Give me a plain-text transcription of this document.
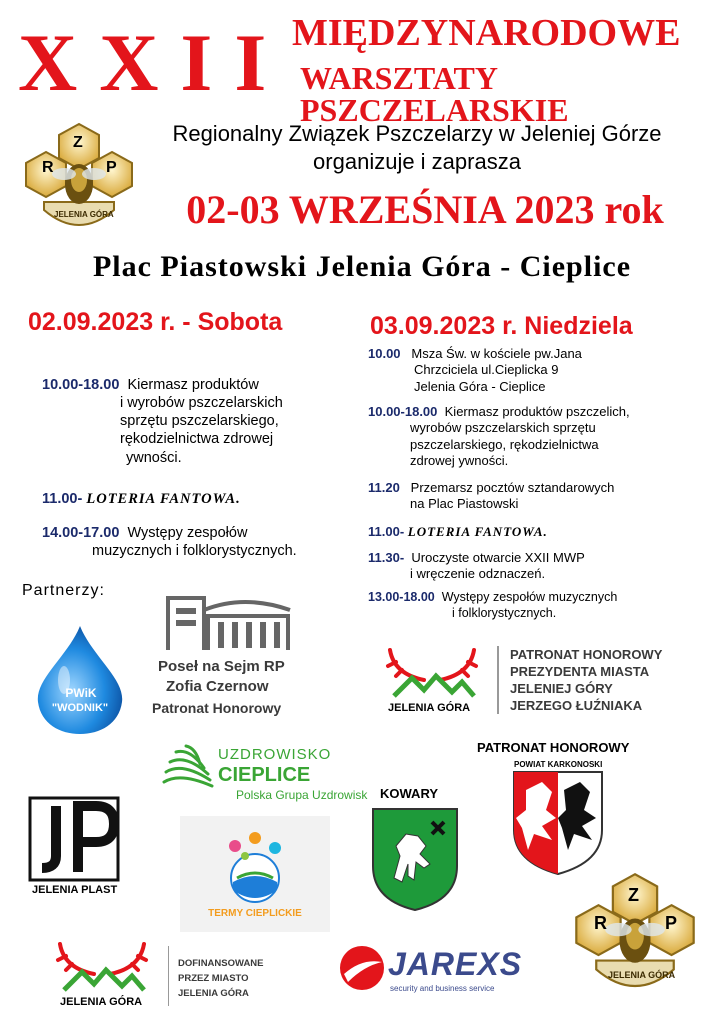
XXII MIĘDZYNARODOWE
WARSZTATY PSZCZELARSKIE
R
Z
P
JELENIA GÓRA
Regionalny Związek Pszczelarzy w Jeleniej Górze
organizuje i zaprasza
02-03 WRZEŚNIA 2023 rok
Plac Piastowski Jelenia Góra - Cieplice
02.09.2023 r. - Sobota
10.00-18.00 Kiermasz produktów
i wyrobów pszczelarskich
sprzętu pszczelarskiego,
rękodzielnictwa zdrowej
ywności.
11.00- LOTERIA FANTOWA.
14.00-17.00 Występy zespołów
muzycznych i folklorystycznych.
03.09.2023 r. Niedziela
10.00 Msza Św. w kościele pw.Jana
Chrzciciela ul.Cieplicka 9
Jelenia Góra - Cieplice
10.00-18.00 Kiermasz produktów pszczelich,
wyrobów pszczelarskich sprzętu
pszczelarskiego, rękodzielnictwa
zdrowej ywności.
11.20 Przemarsz pocztów sztandarowych
na Plac Piastowski
11.00- LOTERIA FANTOWA.
11.30- Uroczyste otwarcie XXII MWP
i wręczenie odznaczeń.
13.00-18.00 Występy zespołów muzycznych
i folklorystycznych.
Partnerzy:
PWiK
"WODNIK"
Poseł na Sejm RP
Zofia Czernow
Patronat Honorowy	JELENIA GÓRA
PATRONAT HONOROWY
PREZYDENTA MIASTA
JELENIEJ GÓRY
JERZEGO ŁUŹNIAKA
UZDROWISKO
CIEPLICE
Polska Grupa Uzdrowisk
PATRONAT HONOROWY
POWIAT KARKONOSKI
KOWARY
JELENIA PLAST
TERMY CIEPLICKIE	R
Z
P
JELENIA GÓRA
JELENIA GÓRA
DOFINANSOWANE
PRZEZ MIASTO
JELENIA GÓRA
JAREXS
security and business service
